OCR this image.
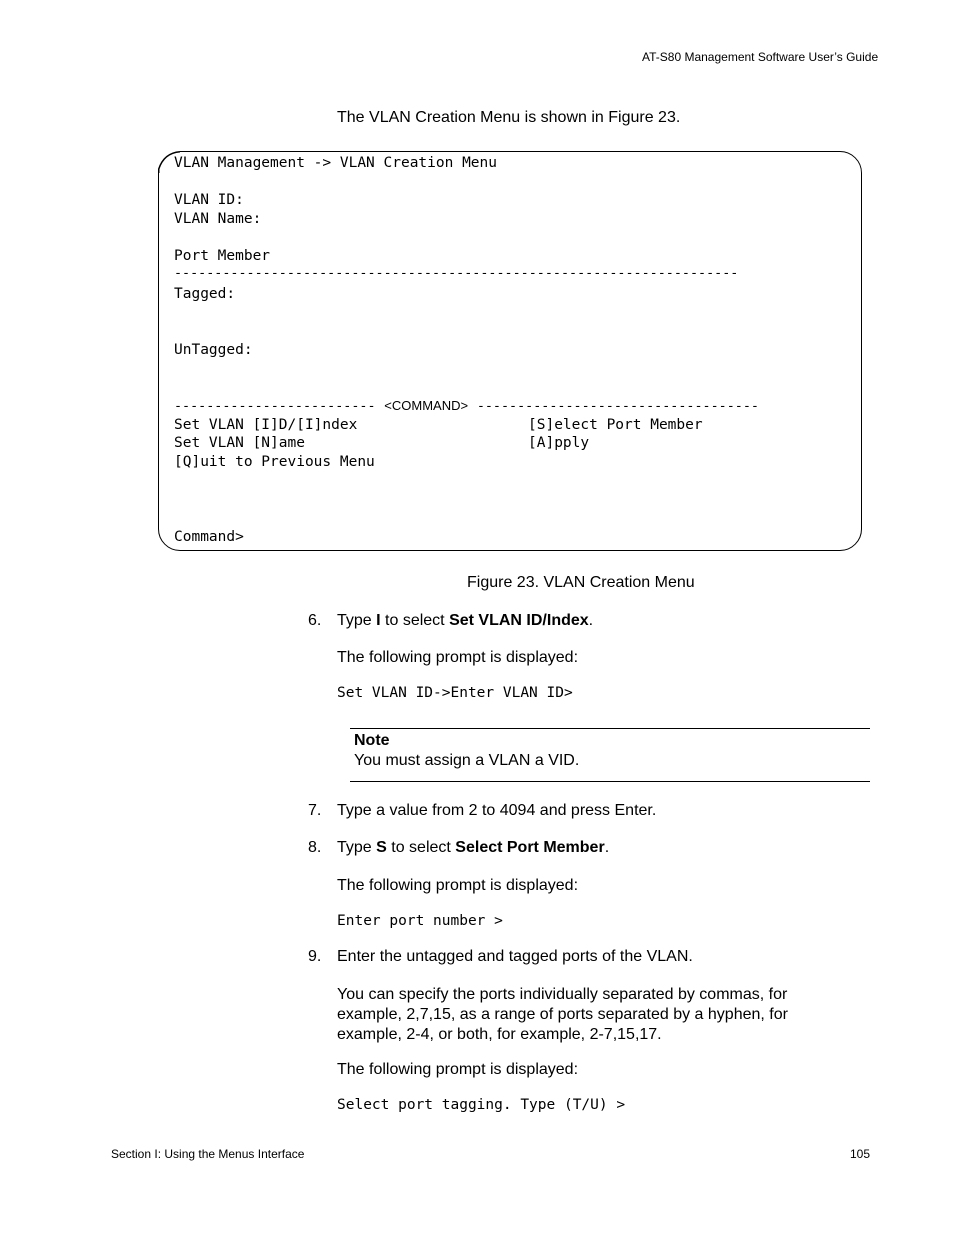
AT-S80 Management Software User’s Guide
The VLAN Creation Menu is shown in Figure 23.
VLAN Management -> VLAN Creation Menu
VLAN ID:
VLAN Name:
Port Member
----------------------------------------------------------------------
Tagged:
UnTagged:
------------------------- <COMMAND> -----------------------------------
Set VLAN [I]D/[I]ndex
Set VLAN [N]ame
[Q]uit to Previous Menu
[S]elect Port Member
[A]pply
Command>
Figure 23. VLAN Creation Menu
6. Type I to select Set VLAN ID/Index.
The following prompt is displayed:
Set VLAN ID->Enter VLAN ID>
Note
You must assign a VLAN a VID.
7. Type a value from 2 to 4094 and press Enter.
8. Type S to select Select Port Member.
The following prompt is displayed:
Enter port number >
9. Enter the untagged and tagged ports of the VLAN.
You can specify the ports individually separated by commas, for example, 2,7,15, as a range of ports separated by a hyphen, for example, 2-4, or both, for example, 2-7,15,17.
The following prompt is displayed:
Select port tagging. Type (T/U) >
Section I: Using the Menus Interface	105
